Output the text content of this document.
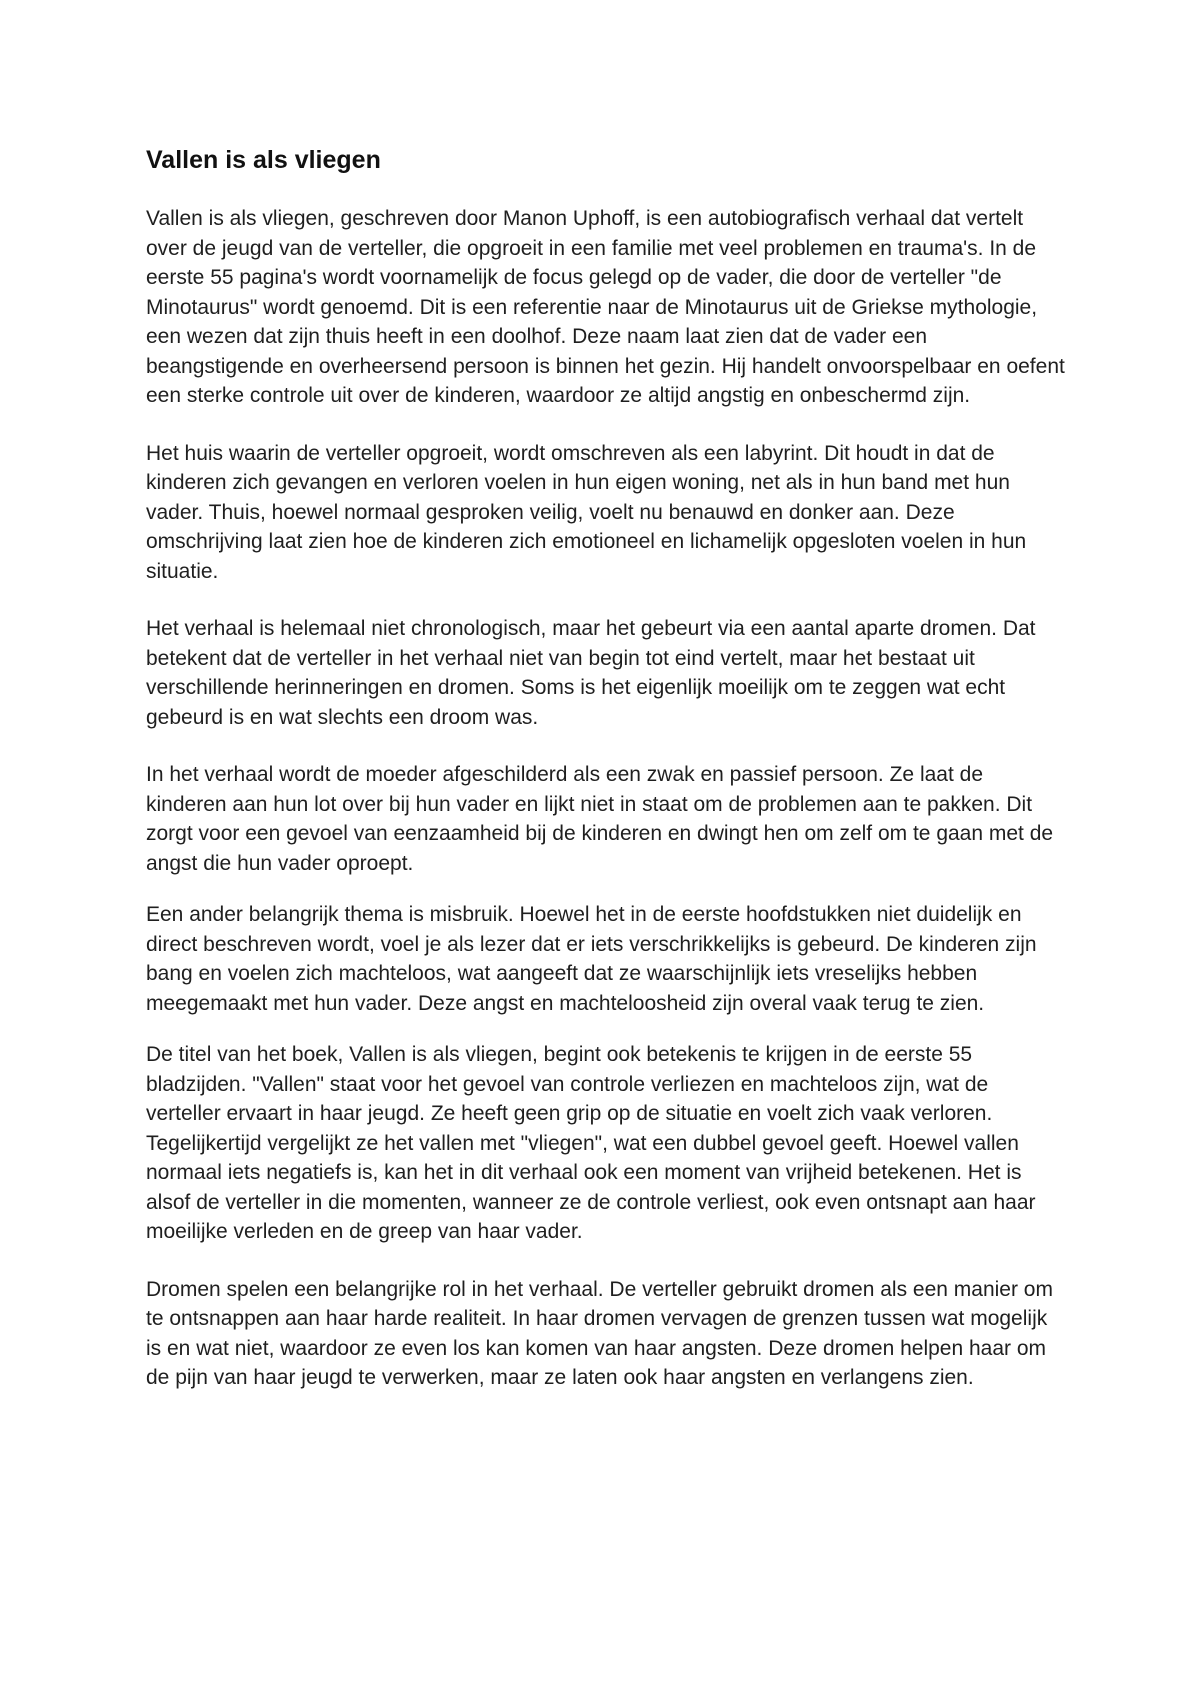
Vallen is als vliegen

Vallen is als vliegen, geschreven door Manon Uphoff, is een autobiografisch verhaal dat vertelt over de jeugd van de verteller, die opgroeit in een familie met veel problemen en trauma's. In de eerste 55 pagina's wordt voornamelijk de focus gelegd op de vader, die door de verteller "de Minotaurus" wordt genoemd. Dit is een referentie naar de Minotaurus uit de Griekse mythologie, een wezen dat zijn thuis heeft in een doolhof. Deze naam laat zien dat de vader een beangstigende en overheersend persoon is binnen het gezin. Hij handelt onvoorspelbaar en oefent een sterke controle uit over de kinderen, waardoor ze altijd angstig en onbeschermd zijn.

Het huis waarin de verteller opgroeit, wordt omschreven als een labyrint. Dit houdt in dat de kinderen zich gevangen en verloren voelen in hun eigen woning, net als in hun band met hun vader. Thuis, hoewel normaal gesproken veilig, voelt nu benauwd en donker aan. Deze omschrijving laat zien hoe de kinderen zich emotioneel en lichamelijk opgesloten voelen in hun situatie.

Het verhaal is helemaal niet chronologisch, maar het gebeurt via een aantal aparte dromen. Dat betekent dat de verteller in het verhaal niet van begin tot eind vertelt, maar het bestaat uit verschillende herinneringen en dromen. Soms is het eigenlijk moeilijk om te zeggen wat echt gebeurd is en wat slechts een droom was.

In het verhaal wordt de moeder afgeschilderd als een zwak en passief persoon. Ze laat de kinderen aan hun lot over bij hun vader en lijkt niet in staat om de problemen aan te pakken. Dit zorgt voor een gevoel van eenzaamheid bij de kinderen en dwingt hen om zelf om te gaan met de angst die hun vader oproept.

Een ander belangrijk thema is misbruik. Hoewel het in de eerste hoofdstukken niet duidelijk en direct beschreven wordt, voel je als lezer dat er iets verschrikkelijks is gebeurd. De kinderen zijn bang en voelen zich machteloos, wat aangeeft dat ze waarschijnlijk iets vreselijks hebben meegemaakt met hun vader. Deze angst en machteloosheid zijn overal vaak terug te zien.

De titel van het boek, Vallen is als vliegen, begint ook betekenis te krijgen in de eerste 55 bladzijden. "Vallen" staat voor het gevoel van controle verliezen en machteloos zijn, wat de verteller ervaart in haar jeugd. Ze heeft geen grip op de situatie en voelt zich vaak verloren. Tegelijkertijd vergelijkt ze het vallen met "vliegen", wat een dubbel gevoel geeft. Hoewel vallen normaal iets negatiefs is, kan het in dit verhaal ook een moment van vrijheid betekenen. Het is alsof de verteller in die momenten, wanneer ze de controle verliest, ook even ontsnapt aan haar moeilijke verleden en de greep van haar vader.

Dromen spelen een belangrijke rol in het verhaal. De verteller gebruikt dromen als een manier om te ontsnappen aan haar harde realiteit. In haar dromen vervagen de grenzen tussen wat mogelijk is en wat niet, waardoor ze even los kan komen van haar angsten. Deze dromen helpen haar om de pijn van haar jeugd te verwerken, maar ze laten ook haar angsten en verlangens zien.
